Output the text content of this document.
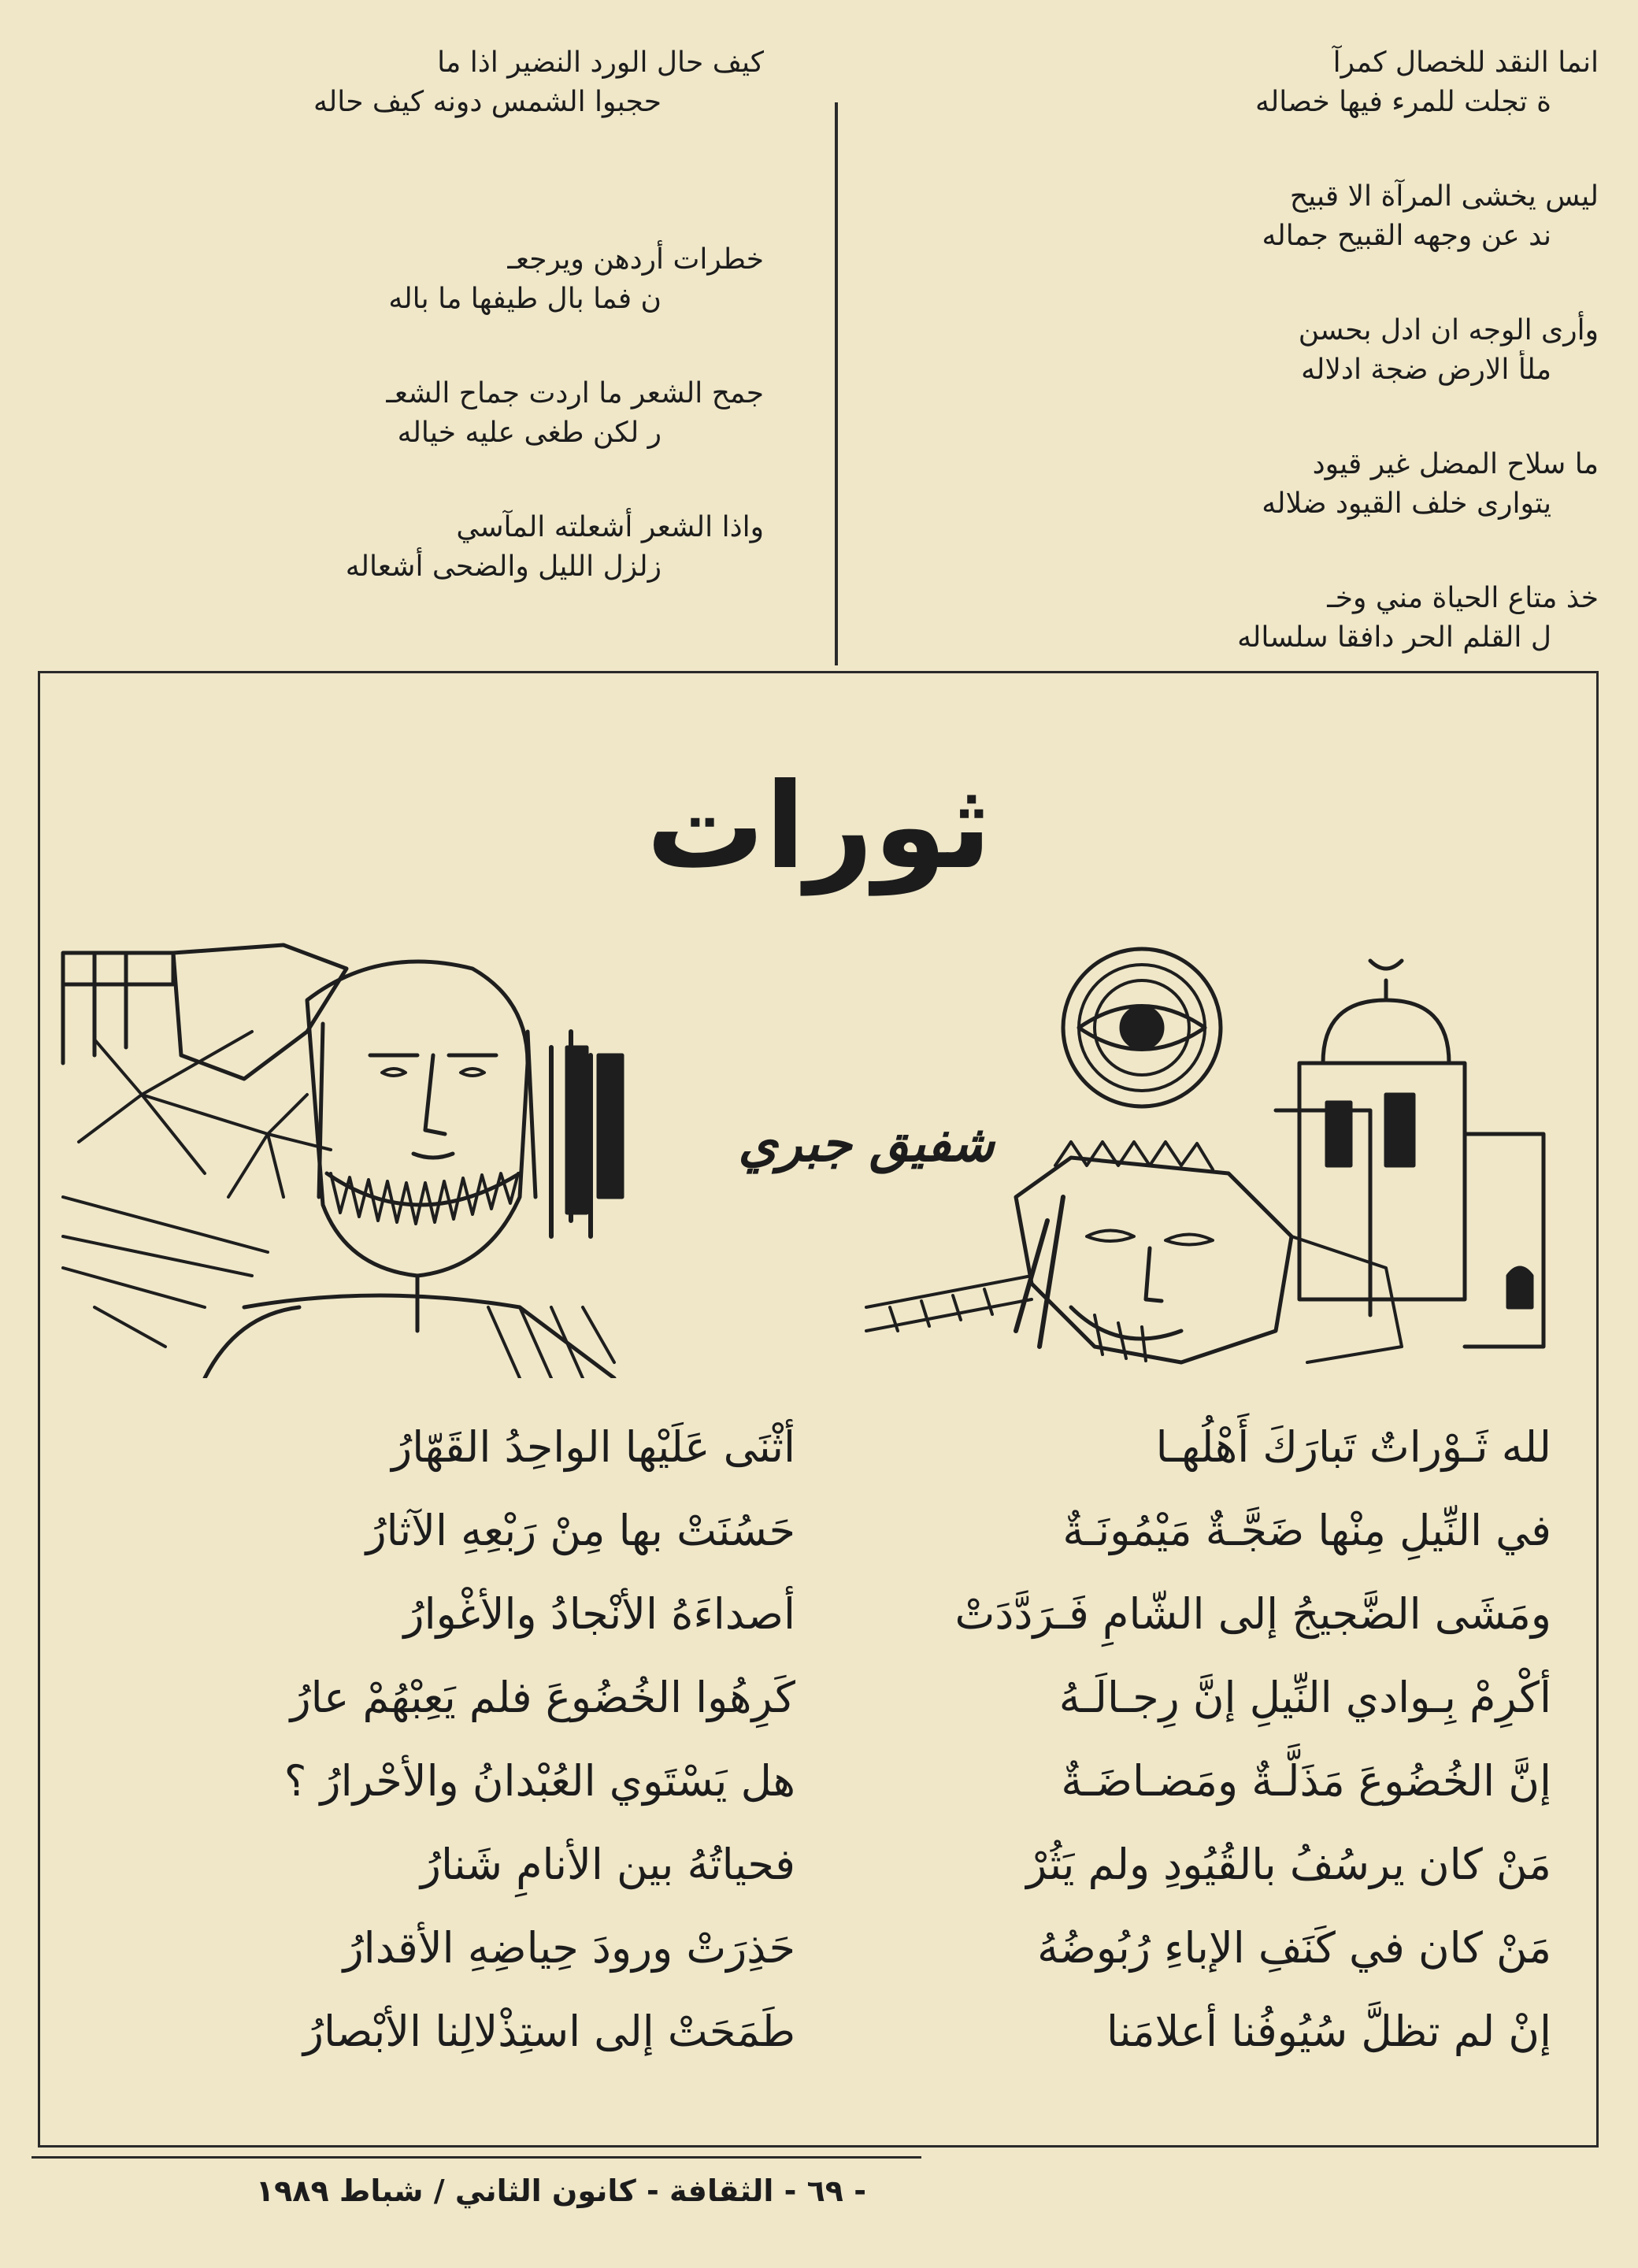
انما النقد للخصال كمرآ
ة تجلت للمرء فيها خصاله
ليس يخشى المرآة الا قبيح
ند عن وجهه القبيح جماله
وأرى الوجه ان ادل بحسن
ملأ الارض ضجة ادلاله
ما سلاح المضل غير قيود
يتوارى خلف القيود ضلاله
خذ متاع الحياة مني وخـ
ل القلم الحر دافقا سلساله
كيف حال الورد النضير اذا ما
حجبوا الشمس دونه كيف حاله
خطرات أردهن ويرجعـ
ن فما بال طيفها ما باله
جمح الشعر ما اردت جماح الشعـ
ر لكن طغى عليه خياله
واذا الشعر أشعلته المآسي
زلزل الليل والضحى أشعاله
ثورات
شفيق جبري
لله ثَـوْراتٌ تَبارَكَ أَهْلُهـا
في النِّيلِ مِنْها ضَجَّـةٌ مَيْمُونَـةٌ
ومَشَى الضَّجيجُ إلى الشّامِ فَـرَدَّدَتْ
أكْرِمْ بِـوادي النِّيلِ إنَّ رِجـالَـهُ
إنَّ الخُضُوعَ مَذَلَّـةٌ ومَضـاضَـةٌ
مَنْ كان يرسُفُ بالقُيُودِ ولم يَثُرْ
مَنْ كان في كَنَفِ الإباءِ رُبُوضُهُ
إنْ لم تظلَّ سُيُوفُنا أعلامَنا
أثْنَى عَلَيْها الواحِدُ القَهّارُ
حَسُنَتْ بها مِنْ رَبْعِهِ الآثارُ
أصداءَهُ الأنْجادُ والأغْوارُ
كَرِهُوا الخُضُوعَ فلم يَعِبْهُمْ عارُ
هل يَسْتَوي العُبْدانُ والأحْرارُ ؟
فحياتُهُ بين الأنامِ شَنارُ
حَذِرَتْ ورودَ حِياضِهِ الأقدارُ
طَمَحَتْ إلى استِذْلالِنا الأبْصارُ
- ٦٩ - الثقافة - كانون الثاني / شباط ١٩٨٩
